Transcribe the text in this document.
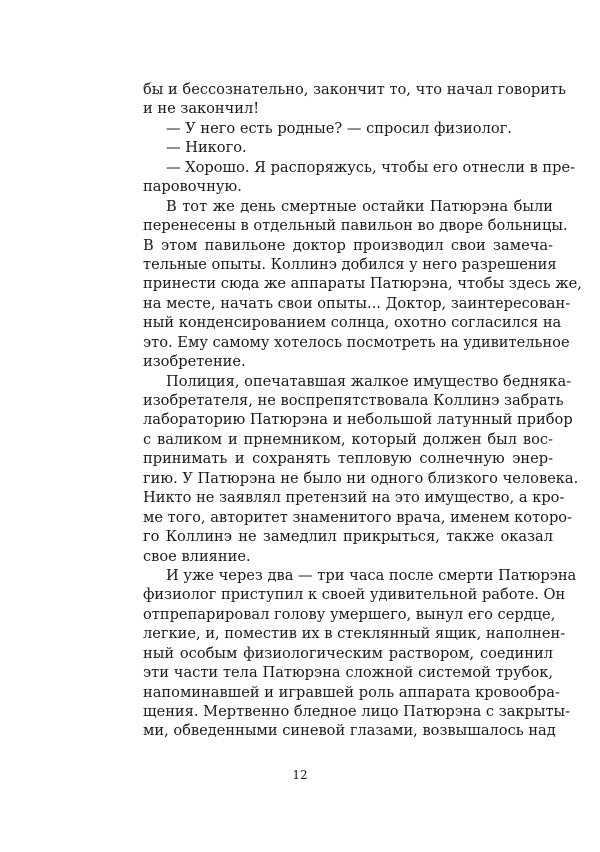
бы и бессознательно, закончит то, что начал говорить
и не закончил!
— У него есть родные? — спросил физиолог.
— Никого.
— Хорошо. Я распоряжусь, чтобы его отнесли в пре-
паровочную.
В тот же день смертные остайки Патюрэна были
перенесены в отдельный павильон во дворе больницы.
В этом павильоне доктор производил свои замеча-
тельные опыты. Коллинэ добился у него разрешения
принести сюда же аппараты Патюрэна, чтобы здесь же,
на месте, начать свои опыты... Доктор, заинтересован-
ный конденсированием солнца, охотно согласился на
это. Ему самому хотелось посмотреть на удивительное
изобретение.
Полиция, опечатавшая жалкое имущество бедняка-
изобретателя, не воспрепятствовала Коллинэ забрать
лабораторию Патюрэна и небольшой латунный прибор
с валиком и прнемником, который должен был вос-
принимать и сохранять тепловую солнечную энер-
гию. У Патюрэна не было ни одного близкого человека.
Никто не заявлял претензий на это имущество, а кро-
ме того, авторитет знаменитого врача, именем которо-
го Коллинэ не замедлил прикрыться, также оказал
свое влияние.
И уже через два — три часа после смерти Патюрэна
физиолог приступил к своей удивительной работе. Он
отпрепарировал голову умершего, вынул его сердце,
легкие, и, поместив их в стеклянный ящик, наполнен-
ный особым физиологическим раствором, соединил
эти части тела Патюрэна сложной системой трубок,
напоминавшей и игравшей роль аппарата кровообра-
щения. Мертвенно бледное лицо Патюрэна с закрыты-
ми, обведенными синевой глазами, возвышалось над
12
